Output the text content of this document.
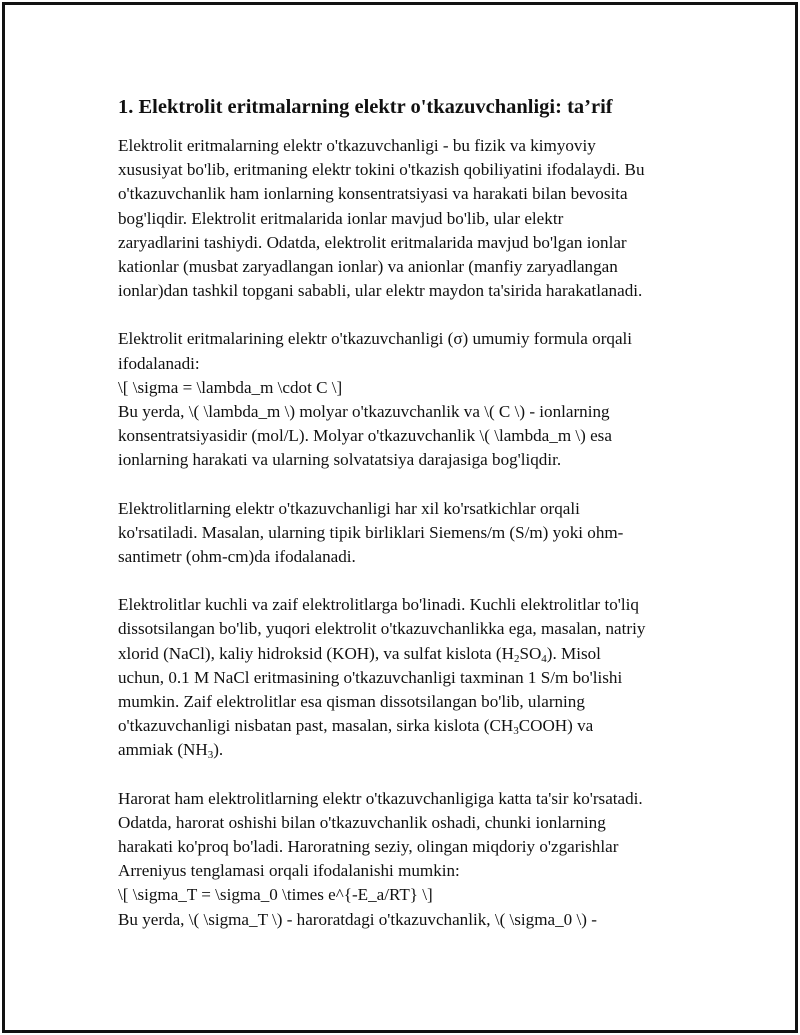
1. Elektrolit eritmalarning elektr o'tkazuvchanligi: ta’rif
Elektrolit eritmalarning elektr o'tkazuvchanligi - bu fizik va kimyoviy
xususiyat bo'lib, eritmaning elektr tokini o'tkazish qobiliyatini ifodalaydi. Bu
o'tkazuvchanlik ham ionlarning konsentratsiyasi va harakati bilan bevosita
bog'liqdir. Elektrolit eritmalarida ionlar mavjud bo'lib, ular elektr
zaryadlarini tashiydi. Odatda, elektrolit eritmalarida mavjud bo'lgan ionlar
kationlar (musbat zaryadlangan ionlar) va anionlar (manfiy zaryadlangan
ionlar)dan tashkil topgani sababli, ular elektr maydon ta'sirida harakatlanadi.
Elektrolit eritmalarining elektr o'tkazuvchanligi (σ) umumiy formula orqali
ifodalanadi:
\[ \sigma = \lambda_m \cdot C \]
Bu yerda, \( \lambda_m \) molyar o'tkazuvchanlik va \( C \) - ionlarning
konsentratsiyasidir (mol/L). Molyar o'tkazuvchanlik \( \lambda_m \) esa
ionlarning harakati va ularning solvatatsiya darajasiga bog'liqdir.
Elektrolitlarning elektr o'tkazuvchanligi har xil ko'rsatkichlar orqali
ko'rsatiladi. Masalan, ularning tipik birliklari Siemens/m (S/m) yoki ohm-
santimetr (ohm-cm)da ifodalanadi.
Elektrolitlar kuchli va zaif elektrolitlarga bo'linadi. Kuchli elektrolitlar to'liq
dissotsilangan bo'lib, yuqori elektrolit o'tkazuvchanlikka ega, masalan, natriy
xlorid (NaCl), kaliy hidroksid (KOH), va sulfat kislota $(H_2SO_4)$. Misol
uchun, 0.1 M NaCl eritmasining o'tkazuvchanligi taxminan 1 S/m bo'lishi
mumkin. Zaif elektrolitlar esa qisman dissotsilangan bo'lib, ularning
o'tkazuvchanligi nisbatan past, masalan, sirka kislota $(CH_3COOH)$ va
ammiak $(NH_3)$.
Harorat ham elektrolitlarning elektr o'tkazuvchanligiga katta ta'sir ko'rsatadi.
Odatda, harorat oshishi bilan o'tkazuvchanlik oshadi, chunki ionlarning
harakati ko'proq bo'ladi. Haroratning seziy, olingan miqdoriy o'zgarishlar
Arreniyus tenglamasi orqali ifodalanishi mumkin:
\[ \sigma_T = \sigma_0 \times e^{-E_a/RT} \]
Bu yerda, \( \sigma_T \) - haroratdagi o'tkazuvchanlik, \( \sigma_0 \) -
